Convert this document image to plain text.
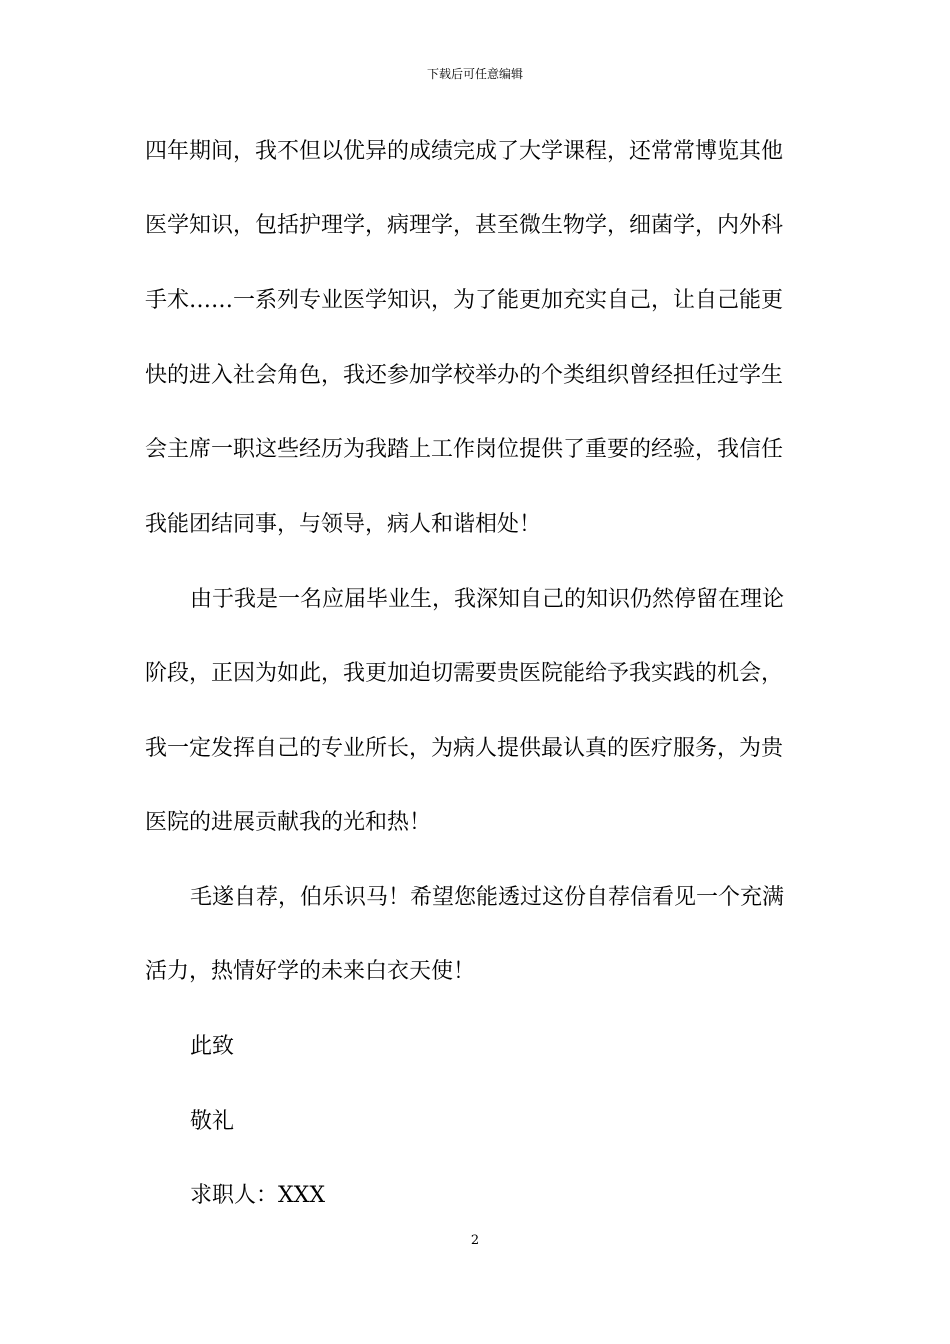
下载后可任意编辑
四年期间，我不但以优异的成绩完成了大学课程，还常常博览其他
医学知识，包括护理学，病理学，甚至微生物学，细菌学，内外科
手术……一系列专业医学知识，为了能更加充实自己，让自己能更
快的进入社会角色，我还参加学校举办的个类组织曾经担任过学生
会主席一职这些经历为我踏上工作岗位提供了重要的经验，我信任
我能团结同事，与领导，病人和谐相处！
由于我是一名应届毕业生，我深知自己的知识仍然停留在理论
阶段，正因为如此，我更加迫切需要贵医院能给予我实践的机会，
我一定发挥自己的专业所长，为病人提供最认真的医疗服务，为贵
医院的进展贡献我的光和热！
毛遂自荐，伯乐识马！希望您能透过这份自荐信看见一个充满
活力，热情好学的未来白衣天使！
此致
敬礼
求职人：XXX
2
